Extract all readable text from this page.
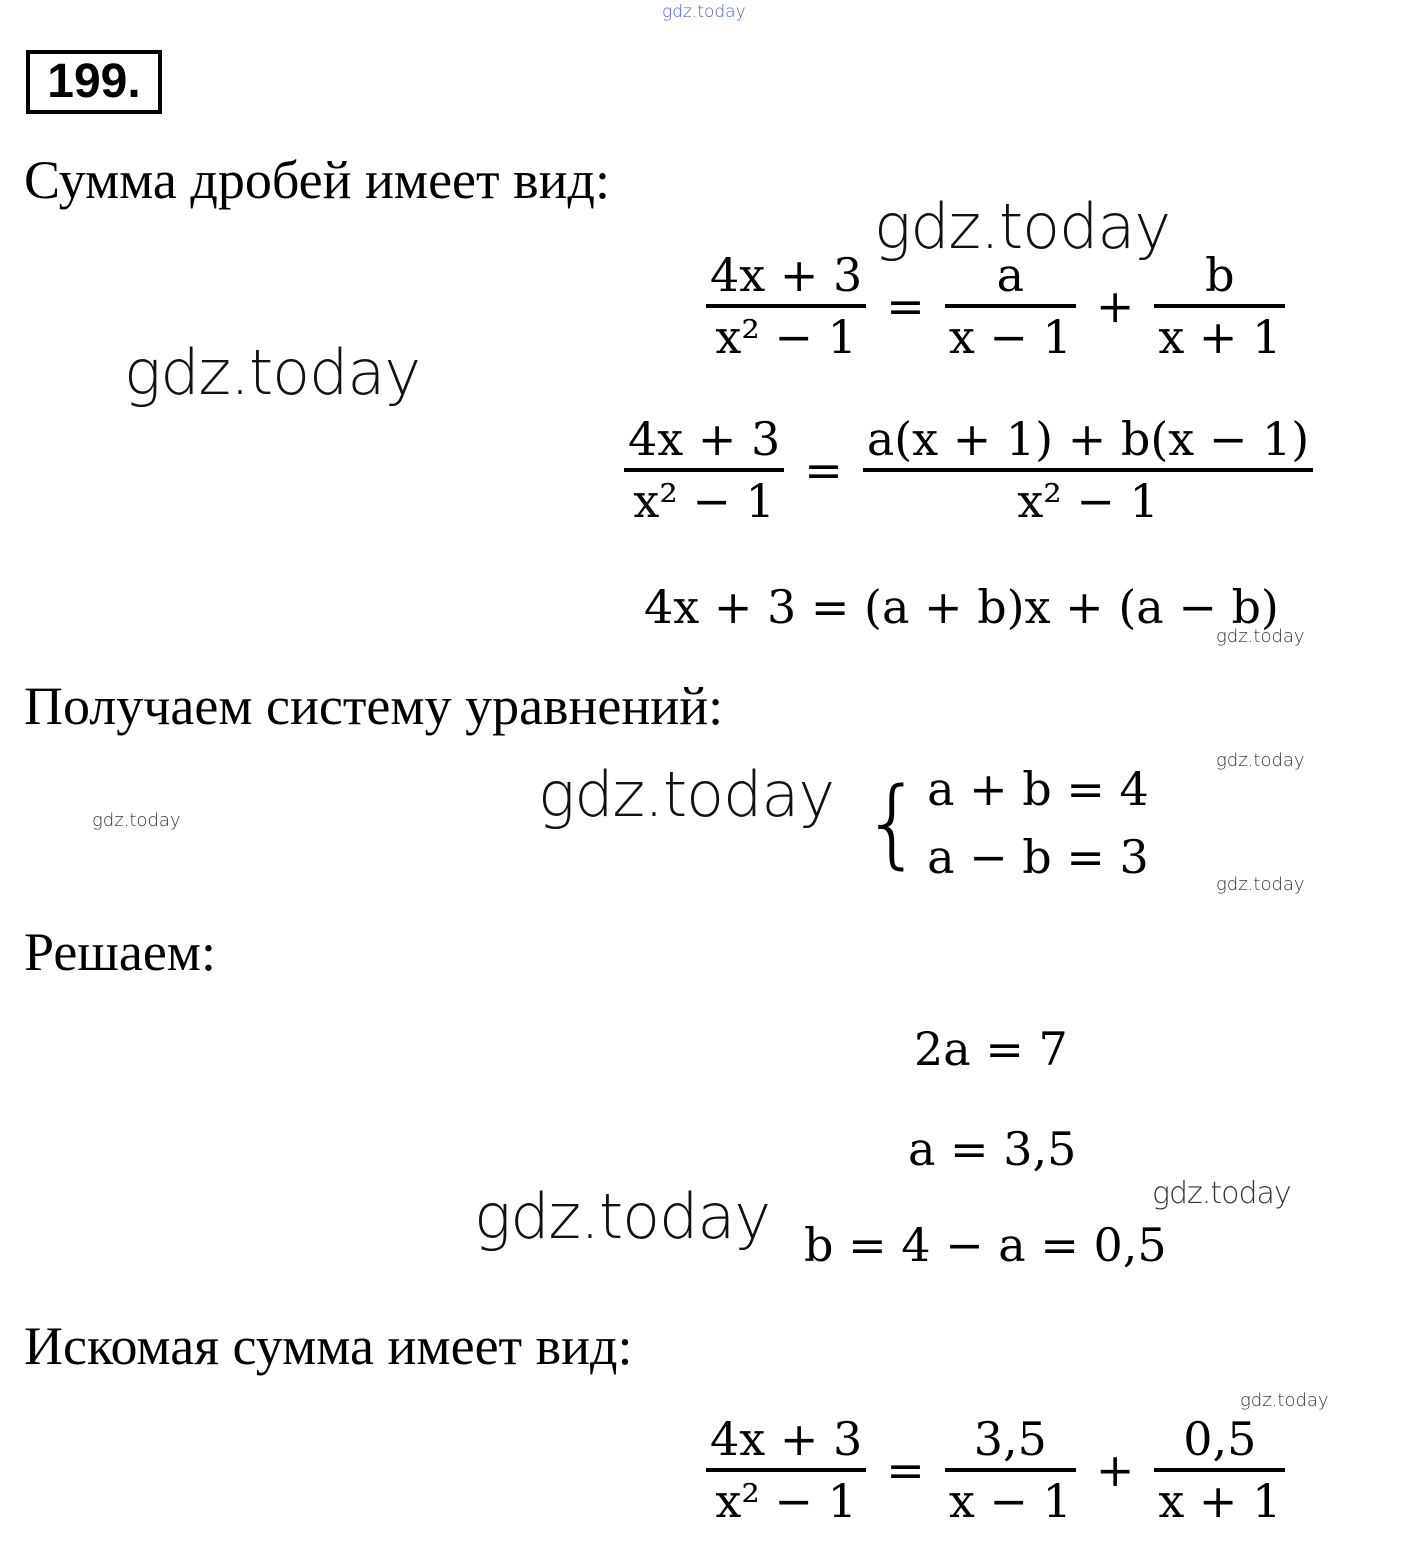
gdz.today
gdz.today
gdz.today
gdz.today
gdz.today
gdz.today
gdz.today
gdz.today
gdz.today
gdz.today
gdz.today
199.
Сумма дробей имеет вид:
$\frac{4x + 3}{\text{x² − 1}} = \frac{a}{x - 1} + \frac{b}{x + 1}$
$\frac{4x + 3}{\text{x² − 1}} = \frac{a(x + 1) + b(x - 1)}{\text{x² − 1}}$
4x + 3 = (a + b)x + (a − b)
Получаем систему уравнений:
{ a + b = 4
a − b = 3
Решаем:
2a = 7
a = 3,5
b = 4 − a = 0,5
Искомая сумма имеет вид:
$\frac{4x + 3}{\text{x² − 1}} = \frac{3,5}{x - 1} + \frac{0,5}{x + 1}$
